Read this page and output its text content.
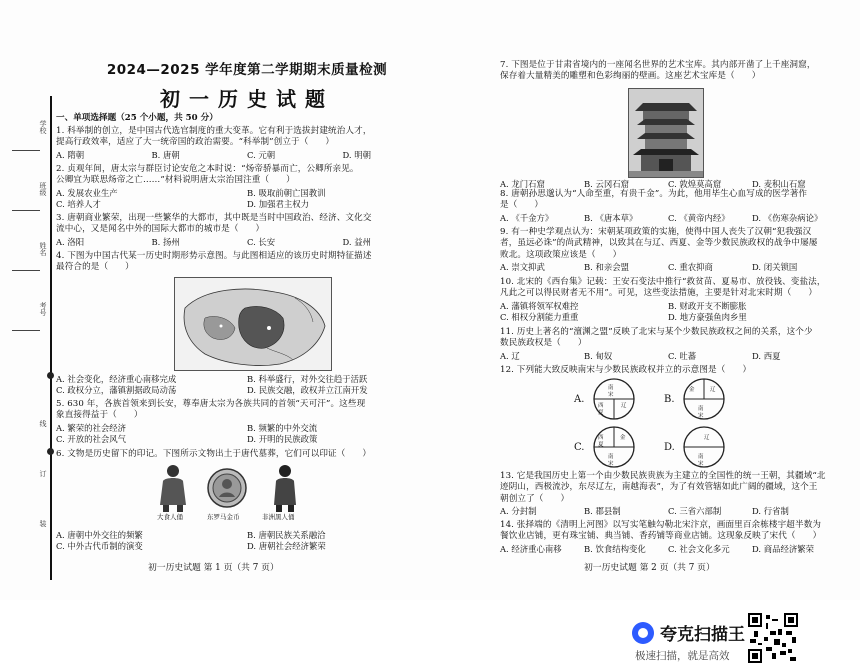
学校
班级
姓名
考号
线
订
装
2024—2025 学年度第二学期期末质量检测
初一历史试题
一、单项选择题（25 个小题，共 50 分）

1. 科举制的创立，是中国古代选官制度的重大变革。它有利于选拔封建统治人才，
提高行政效率，适应了大一统帝国的政治需要。“科举制”创立于（      ）

A. 隋朝	B. 唐朝	C. 元朝	D. 明朝

2. 贞观年间，唐太宗与群臣讨论安危之本时说：“炀帝骄暴而亡，公卿所亲见。
公卿宜为联思炀帝之亡……”材料说明唐太宗治国注重（      ）

A. 发展农业生产	B. 吸取前朝亡国教训
C. 培养人才	D. 加强君主权力

3. 唐朝商业繁荣，出现一些繁华的大都市，其中既是当时中国政治、经济、文化交
流中心，又是闻名中外的国际大都市的城市是（      ）

A. 洛阳	B. 扬州	C. 长安	D. 益州

4. 下图为中国古代某一历史时期形势示意图。与此图相适应的该历史时期特征描述
最符合的是（      ）

A. 社会变化，经济重心南移完成	B. 科举盛行，对外交往趋于活跃
C. 政权分立，藩镇割据政局动荡	D. 民族交融，政权并立江南开发

5. 630 年，各族首领来到长安，尊奉唐太宗为各族共同的首领“天可汗”。这些现
象直接得益于（      ）

A. 繁荣的社会经济	B. 频繁的中外交流
C. 开放的社会风气	D. 开明的民族政策

6. 文物是历史留下的印记。下图所示文物出土于唐代墓葬，它们可以印证（      ）

大食人俑	东罗马金币	非洲黑人俑
A. 唐朝中外交往的频繁	B. 唐朝民族关系融洽
C. 中外古代币制的演变	D. 唐朝社会经济繁荣
初一历史试题 第 1 页（共 7 页）

7. 下图是位于甘肃省境内的一座闻名世界的艺术宝库。其内部开凿了上千座洞窟，
保存着大量精美的雕塑和色彩绚丽的壁画。这座艺术宝库是（      ）

A. 龙门石窟	B. 云冈石窟	C. 敦煌莫高窟	D. 麦积山石窟

8. 唐朝孙思邈认为“人命至重，有贵千金”。为此，他用毕生心血写成的医学著作
是（      ）

A. 《千金方》	B. 《唐本草》	C. 《黄帝内经》	D. 《伤寒杂病论》

9. 有一种史学观点认为：宋朝某项政策的实施，使得中国人丧失了汉朝“犯我强汉
者，虽远必诛”的尚武精神，以致其在与辽、西夏、金等少数民族政权的战争中屡屡
败北。这项政策应该是（      ）

A. 崇文抑武	B. 和亲会盟	C. 重农抑商	D. 闭关锁国

10. 北宋的《西台集》记载：王安石变法中推行“救贫苗、夏易市、放役钱、变盐法，
凡此之可以得民财者无不用”。可见，这些变法措施，主要是针对北宋时期（      ）

A. 藩镇将领军权难控	B. 财政开支不断膨胀
C. 相权分割能力重重	D. 地方豪强鱼肉乡里

11. 历史上著名的“澶渊之盟”反映了北宋与某个少数民族政权之间的关系，这个少
数民族政权是（      ）

A. 辽	B. 甸奴	C. 吐蕃	D. 西夏

12. 下列能大致反映南宋与少数民族政权并立的示意图是（      ）

A.
南宋
西夏
辽
B.
金	辽
南宋
C.
西夏
金
南宋
D.
辽
南宋

13. 它是我国历史上第一个由少数民族贵族为主建立的全国性的统一王朝，其疆域“北
迹阴山，西极流沙，东尽辽左，南越海表”，为了有效管辖如此广阔的疆域，这个王
朝创立了（      ）

A. 分封制	B. 郡县制	C. 三省六部制	D. 行省制

14. 张择端的《清明上河图》以写实笔触勾勒北宋汴京，画面里百余栋楼宇超半数为
餐饮业店铺，更有珠宝铺、典当铺、香药铺等商业店铺。这现象反映了宋代（      ）

A. 经济重心南移	B. 饮食结构变化	C. 社会文化多元	D. 商品经济繁荣
初一历史试题 第 2 页（共 7 页）
夸克扫描王
极速扫描，就是高效
